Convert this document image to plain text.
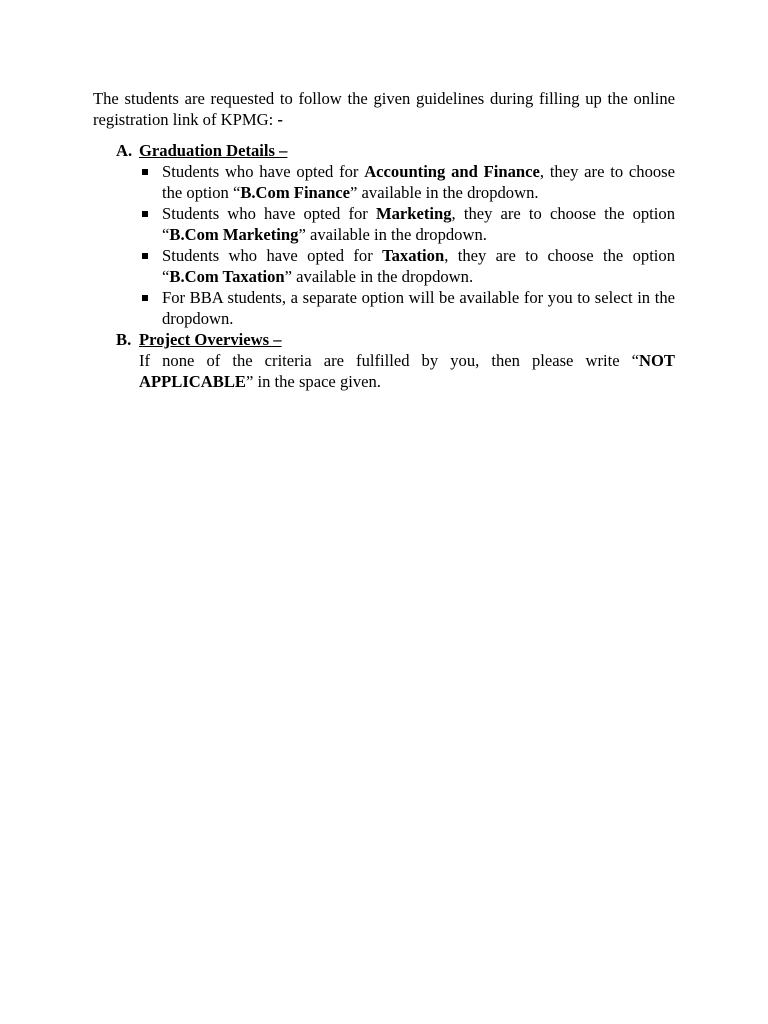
The students are requested to follow the given guidelines during filling up the online registration link of KPMG: -

A. Graduation Details –
Students who have opted for Accounting and Finance, they are to choose the option “B.Com Finance” available in the dropdown.
Students who have opted for Marketing, they are to choose the option “B.Com Marketing” available in the dropdown.
Students who have opted for Taxation, they are to choose the option “B.Com Taxation” available in the dropdown.
For BBA students, a separate option will be available for you to select in the dropdown.
B. Project Overviews –
If none of the criteria are fulfilled by you, then please write “NOT APPLICABLE” in the space given.
